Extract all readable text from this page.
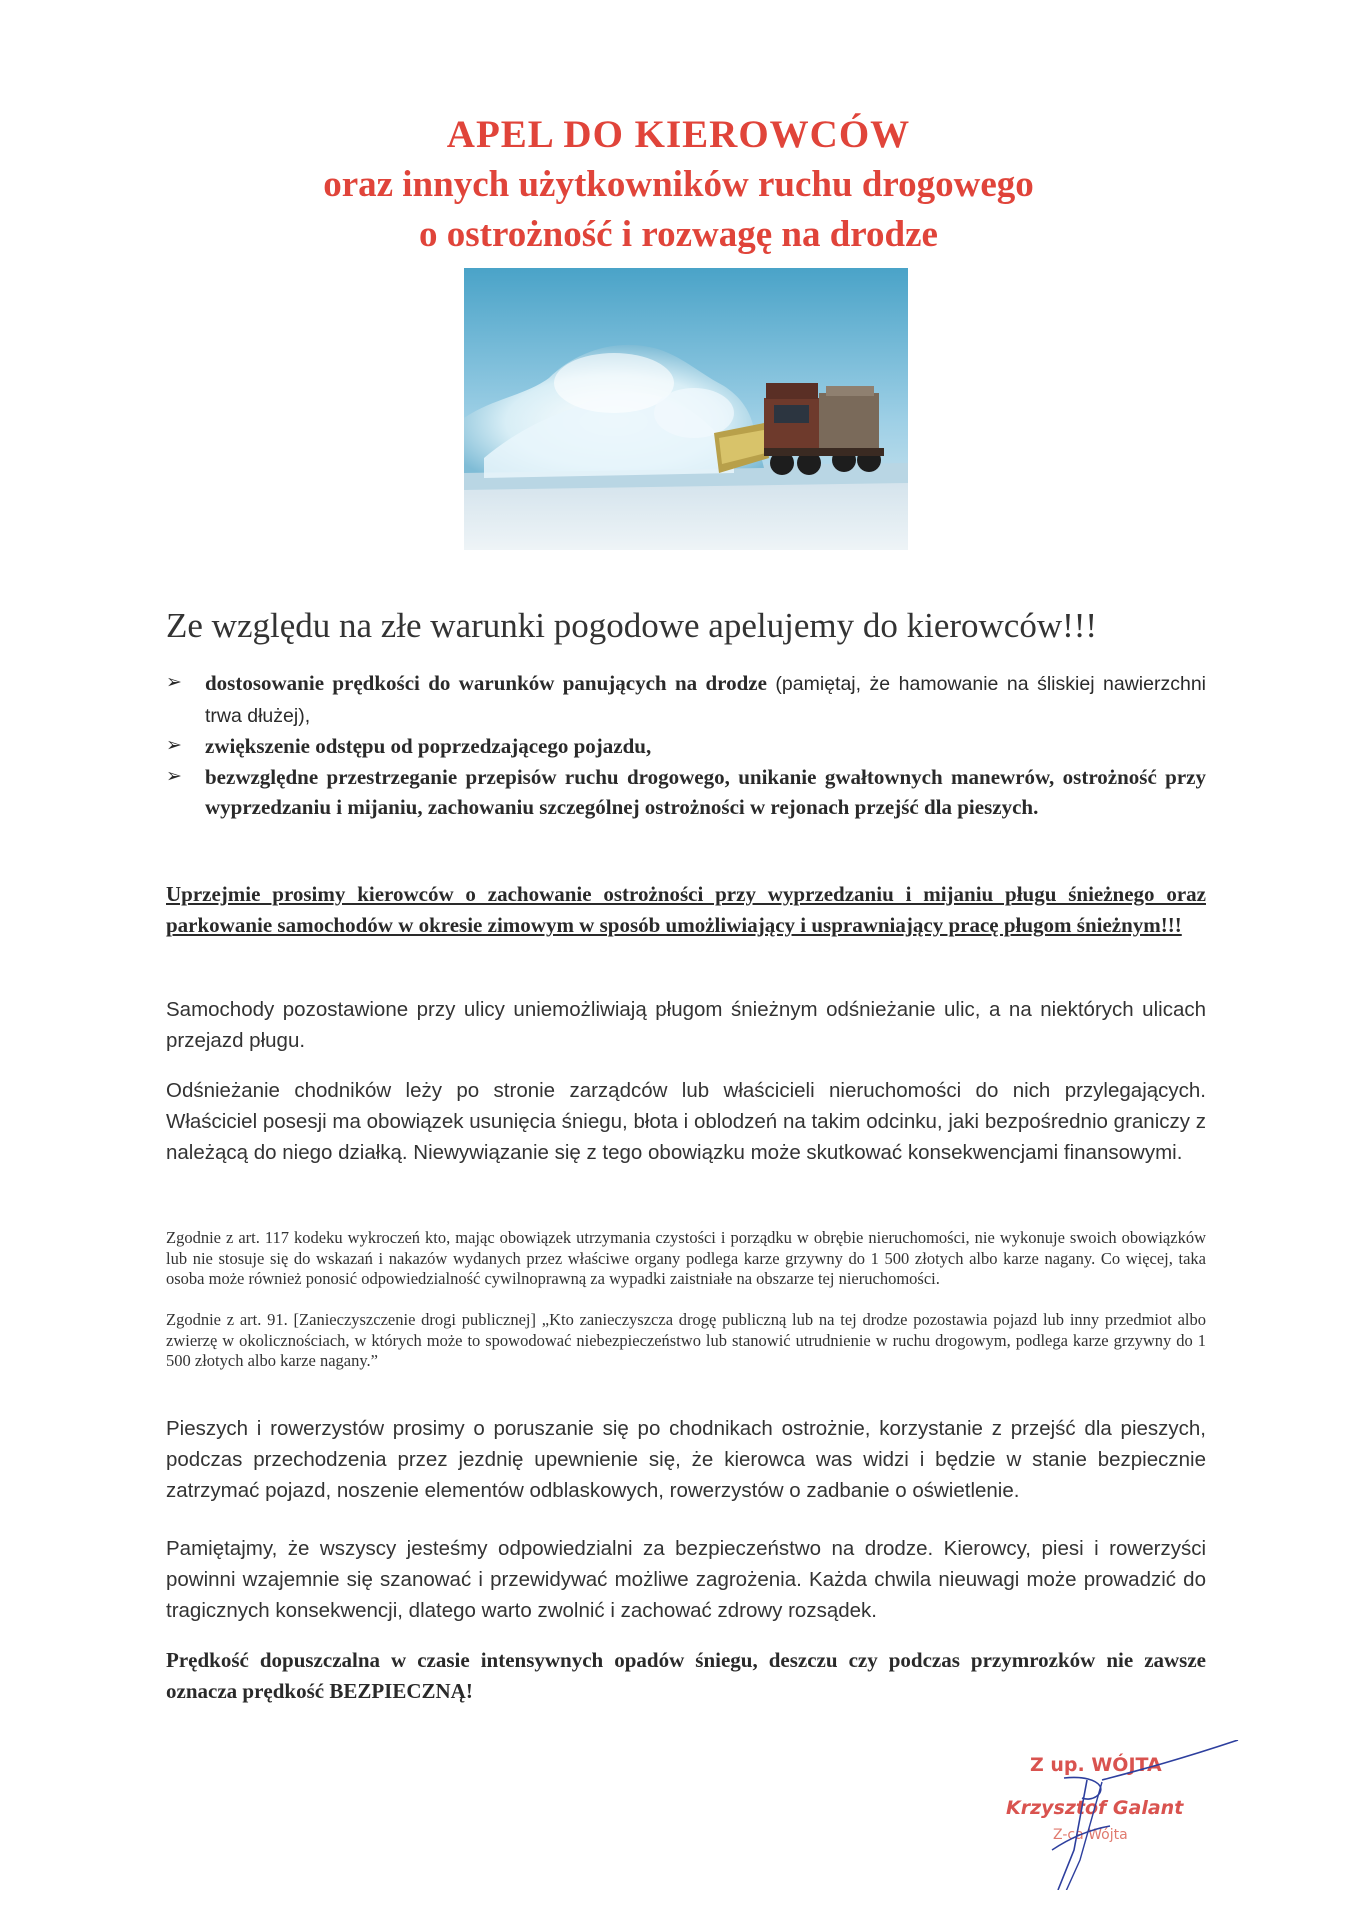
APEL DO KIEROWCÓW
oraz innych użytkowników ruchu drogowego
o ostrożność i rozwagę na drodze

Ze względu na złe warunki pogodowe apelujemy do kierowców!!!

➢ dostosowanie prędkości do warunków panujących na drodze (pamiętaj, że hamowanie na śliskiej nawierzchni trwa dłużej),
➢ zwiększenie odstępu od poprzedzającego pojazdu,
➢ bezwzględne przestrzeganie przepisów ruchu drogowego, unikanie gwałtownych manewrów, ostrożność przy wyprzedzaniu i mijaniu, zachowaniu szczególnej ostrożności w rejonach przejść dla pieszych.

Uprzejmie prosimy kierowców o zachowanie ostrożności przy wyprzedzaniu i mijaniu pługu śnieżnego oraz parkowanie samochodów w okresie zimowym w sposób umożliwiający i usprawniający pracę pługom śnieżnym!!!

Samochody pozostawione przy ulicy uniemożliwiają pługom śnieżnym odśnieżanie ulic, a na niektórych ulicach przejazd pługu.

Odśnieżanie chodników leży po stronie zarządców lub właścicieli nieruchomości do nich przylegających. Właściciel posesji ma obowiązek usunięcia śniegu, błota i oblodzeń na takim odcinku, jaki bezpośrednio graniczy z należącą do niego działką. Niewywiązanie się z tego obowiązku może skutkować konsekwencjami finansowymi.

Zgodnie z art. 117 kodeku wykroczeń kto, mając obowiązek utrzymania czystości i porządku w obrębie nieruchomości, nie wykonuje swoich obowiązków lub nie stosuje się do wskazań i nakazów wydanych przez właściwe organy podlega karze grzywny do 1 500 złotych albo karze nagany. Co więcej, taka osoba może również ponosić odpowiedzialność cywilnoprawną za wypadki zaistniałe na obszarze tej nieruchomości.

Zgodnie z art. 91. [Zanieczyszczenie drogi publicznej] „Kto zanieczyszcza drogę publiczną lub na tej drodze pozostawia pojazd lub inny przedmiot albo zwierzę w okolicznościach, w których może to spowodować niebezpieczeństwo lub stanowić utrudnienie w ruchu drogowym, podlega karze grzywny do 1 500 złotych albo karze nagany.”

Pieszych i rowerzystów prosimy o poruszanie się po chodnikach ostrożnie, korzystanie z przejść dla pieszych, podczas przechodzenia przez jezdnię upewnienie się, że kierowca was widzi i będzie w stanie bezpiecznie zatrzymać pojazd, noszenie elementów odblaskowych, rowerzystów o zadbanie o oświetlenie.

Pamiętajmy, że wszyscy jesteśmy odpowiedzialni za bezpieczeństwo na drodze. Kierowcy, piesi i rowerzyści powinni wzajemnie się szanować i przewidywać możliwe zagrożenia. Każda chwila nieuwagi może prowadzić do tragicznych konsekwencji, dlatego warto zwolnić i zachować zdrowy rozsądek.

Prędkość dopuszczalna w czasie intensywnych opadów śniegu, deszczu czy podczas przymrozków nie zawsze oznacza prędkość BEZPIECZNĄ!

Z up. WÓJTA

Krzysztof Galant

Z-ca Wójta
